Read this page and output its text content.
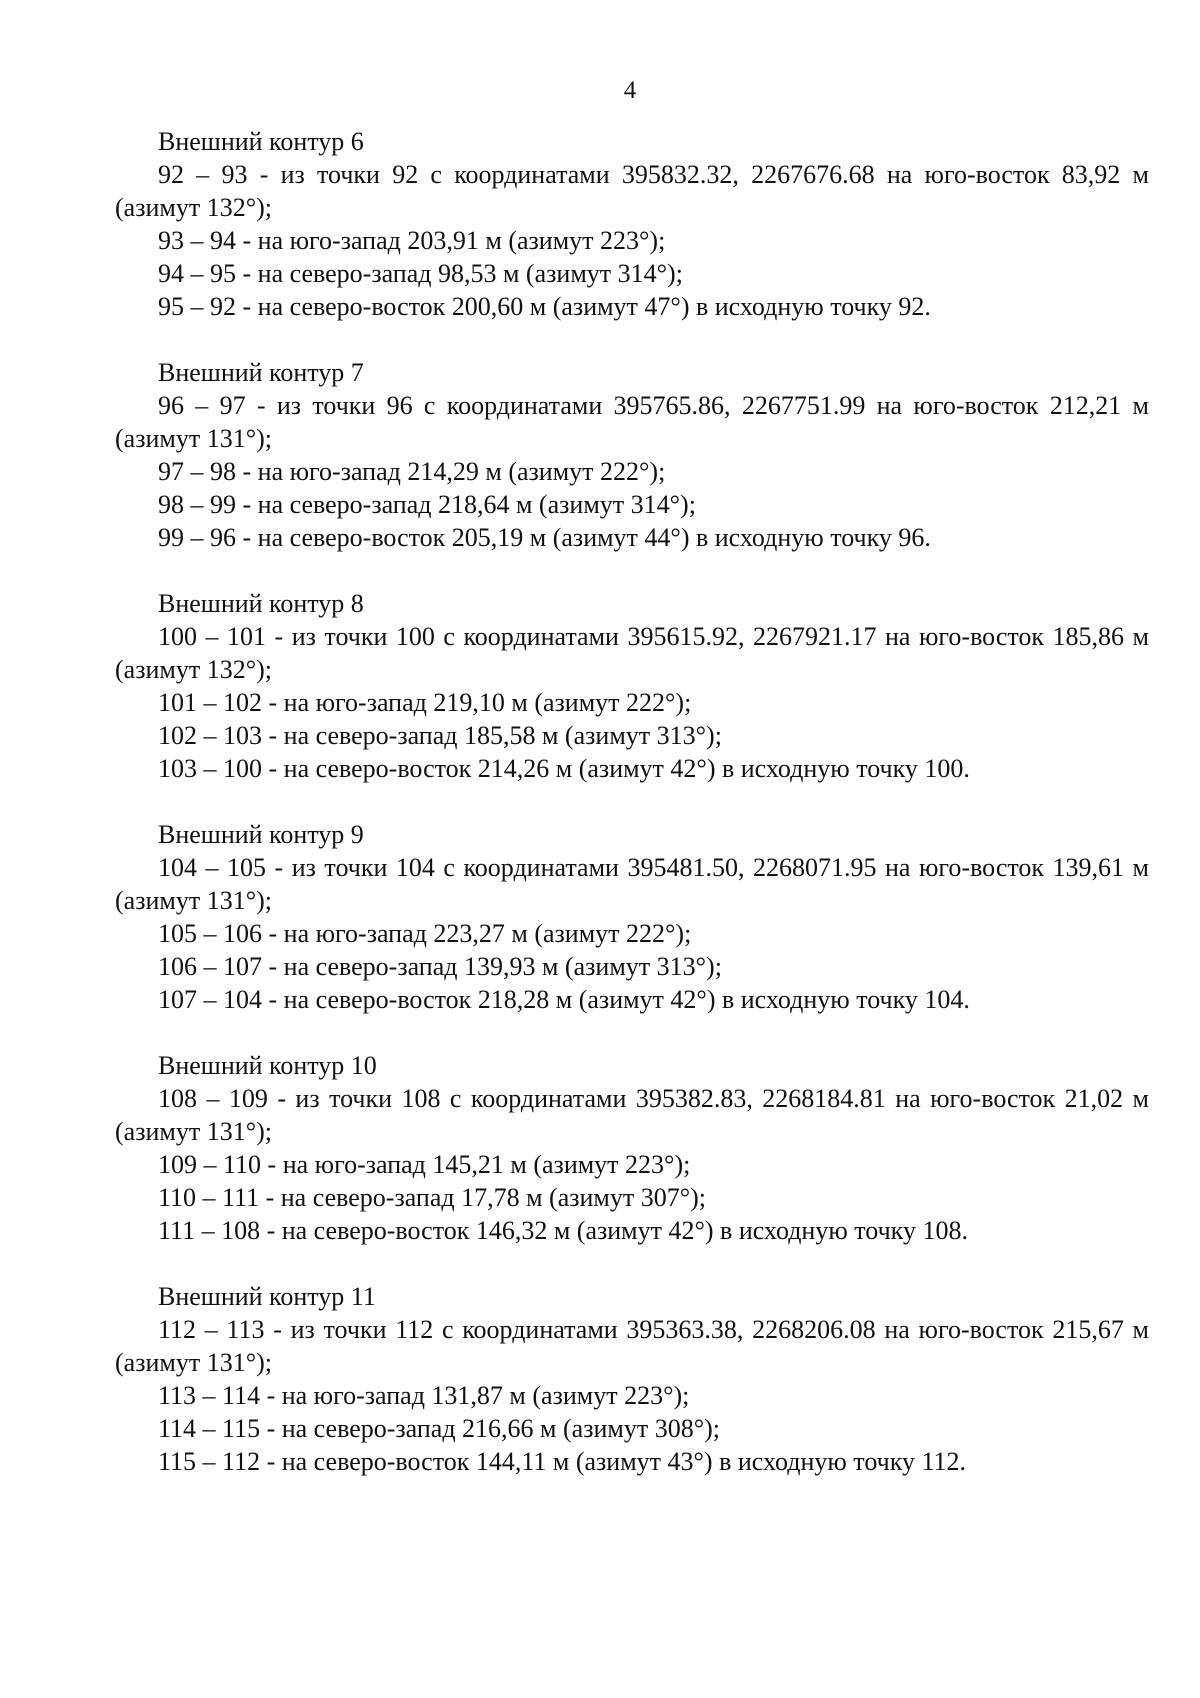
4

Внешний контур 6

92 – 93 - из точки 92 с координатами 395832.32, 2267676.68 на юго-восток 83,92 м (азимут 132°);

93 – 94 - на юго-запад 203,91 м (азимут 223°);

94 – 95 - на северо-запад 98,53 м (азимут 314°);

95 – 92 - на северо-восток 200,60 м (азимут 47°) в исходную точку 92.

Внешний контур 7

96 – 97 - из точки 96 с координатами 395765.86, 2267751.99 на юго-восток 212,21 м (азимут 131°);

97 – 98 - на юго-запад 214,29 м (азимут 222°);

98 – 99 - на северо-запад 218,64 м (азимут 314°);

99 – 96 - на северо-восток 205,19 м (азимут 44°) в исходную точку 96.

Внешний контур 8

100 – 101 - из точки 100 с координатами 395615.92, 2267921.17 на юго-восток 185,86 м (азимут 132°);

101 – 102 - на юго-запад 219,10 м (азимут 222°);

102 – 103 - на северо-запад 185,58 м (азимут 313°);

103 – 100 - на северо-восток 214,26 м (азимут 42°) в исходную точку 100.

Внешний контур 9

104 – 105 - из точки 104 с координатами 395481.50, 2268071.95 на юго-восток 139,61 м (азимут 131°);

105 – 106 - на юго-запад 223,27 м (азимут 222°);

106 – 107 - на северо-запад 139,93 м (азимут 313°);

107 – 104 - на северо-восток 218,28 м (азимут 42°) в исходную точку 104.

Внешний контур 10

108 – 109 - из точки 108 с координатами 395382.83, 2268184.81 на юго-восток 21,02 м (азимут 131°);

109 – 110 - на юго-запад 145,21 м (азимут 223°);

110 – 111 - на северо-запад 17,78 м (азимут 307°);

111 – 108 - на северо-восток 146,32 м (азимут 42°) в исходную точку 108.

Внешний контур 11

112 – 113 - из точки 112 с координатами 395363.38, 2268206.08 на юго-восток 215,67 м (азимут 131°);

113 – 114 - на юго-запад 131,87 м (азимут 223°);

114 – 115 - на северо-запад 216,66 м (азимут 308°);

115 – 112 - на северо-восток 144,11 м (азимут 43°) в исходную точку 112.
